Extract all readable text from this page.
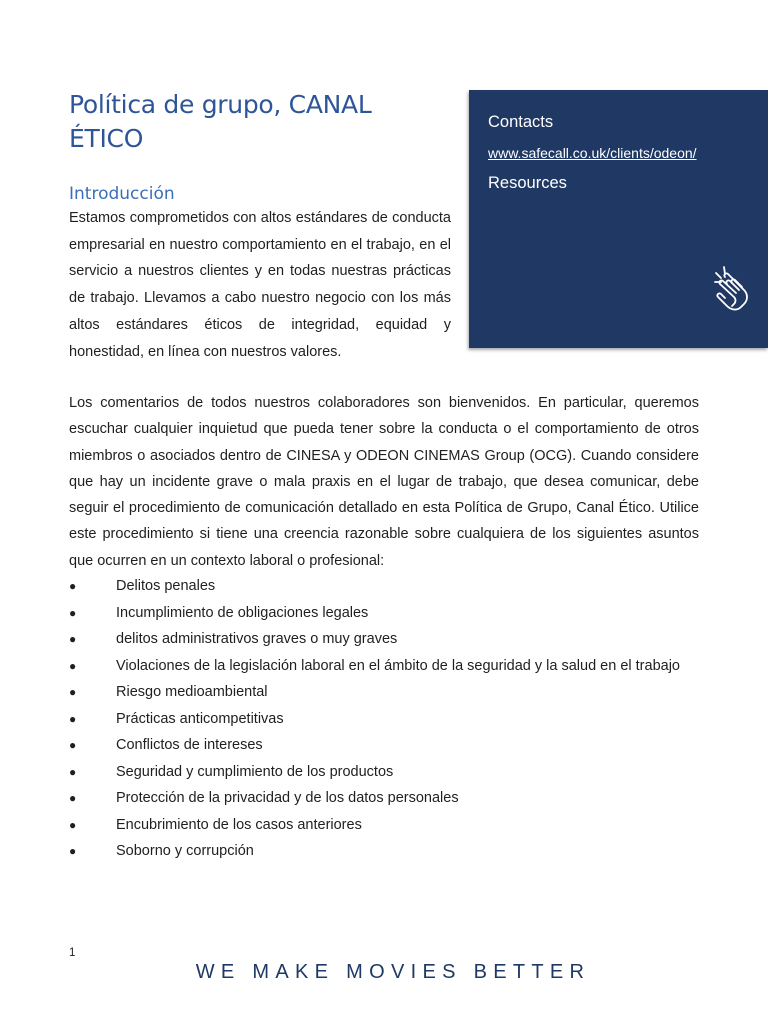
Política de grupo, CANAL ÉTICO
Introducción

Estamos comprometidos con altos estándares de conducta empresarial en nuestro comportamiento en el trabajo, en el servicio a nuestros clientes y en todas nuestras prácticas de trabajo. Llevamos a cabo nuestro negocio con los más altos estándares éticos de integridad, equidad y honestidad, en línea con nuestros valores.

Contacts
www.safecall.co.uk/clients/odeon/
Resources

Los comentarios de todos nuestros colaboradores son bienvenidos. En particular, queremos escuchar cualquier inquietud que pueda tener sobre la conducta o el comportamiento de otros miembros o asociados dentro de CINESA y ODEON CINEMAS Group (OCG). Cuando considere que hay un incidente grave o mala praxis en el lugar de trabajo, que desea comunicar, debe seguir el procedimiento de comunicación detallado en esta Política de Grupo, Canal Ético. Utilice este procedimiento si tiene una creencia razonable sobre cualquiera de los siguientes asuntos que ocurren en un contexto laboral o profesional:

●	Delitos penales
●	Incumplimiento de obligaciones legales
●	delitos administrativos graves o muy graves
●	Violaciones de la legislación laboral en el ámbito de la seguridad y la salud en el trabajo
●	Riesgo medioambiental
●	Prácticas anticompetitivas
●	Conflictos de intereses
●	Seguridad y cumplimiento de los productos
●	Protección de la privacidad y de los datos personales
●	Encubrimiento de los casos anteriores
●	Soborno y corrupción
1
WE MAKE MOVIES BETTER
